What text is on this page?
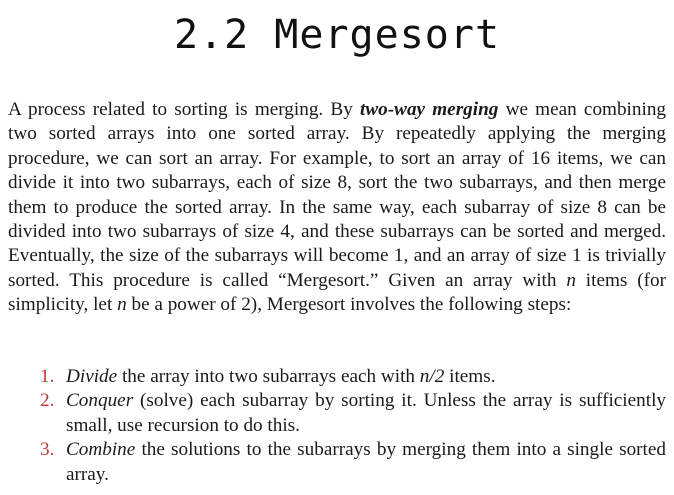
2.2 Mergesort

A process related to sorting is merging. By two-way merging we mean combining two sorted arrays into one sorted array. By repeatedly applying the merging procedure, we can sort an array. For example, to sort an array of 16 items, we can divide it into two subarrays, each of size 8, sort the two subarrays, and then merge them to produce the sorted array. In the same way, each subarray of size 8 can be divided into two subarrays of size 4, and these subarrays can be sorted and merged. Eventually, the size of the subarrays will become 1, and an array of size 1 is trivially sorted. This procedure is called “Mergesort.” Given an array with n items (for simplicity, let n be a power of 2), Mergesort involves the following steps:

1. Divide the array into two subarrays each with n/2 items.
2. Conquer (solve) each subarray by sorting it. Unless the array is sufficiently small, use recursion to do this.
3. Combine the solutions to the subarrays by merging them into a single sorted array.
